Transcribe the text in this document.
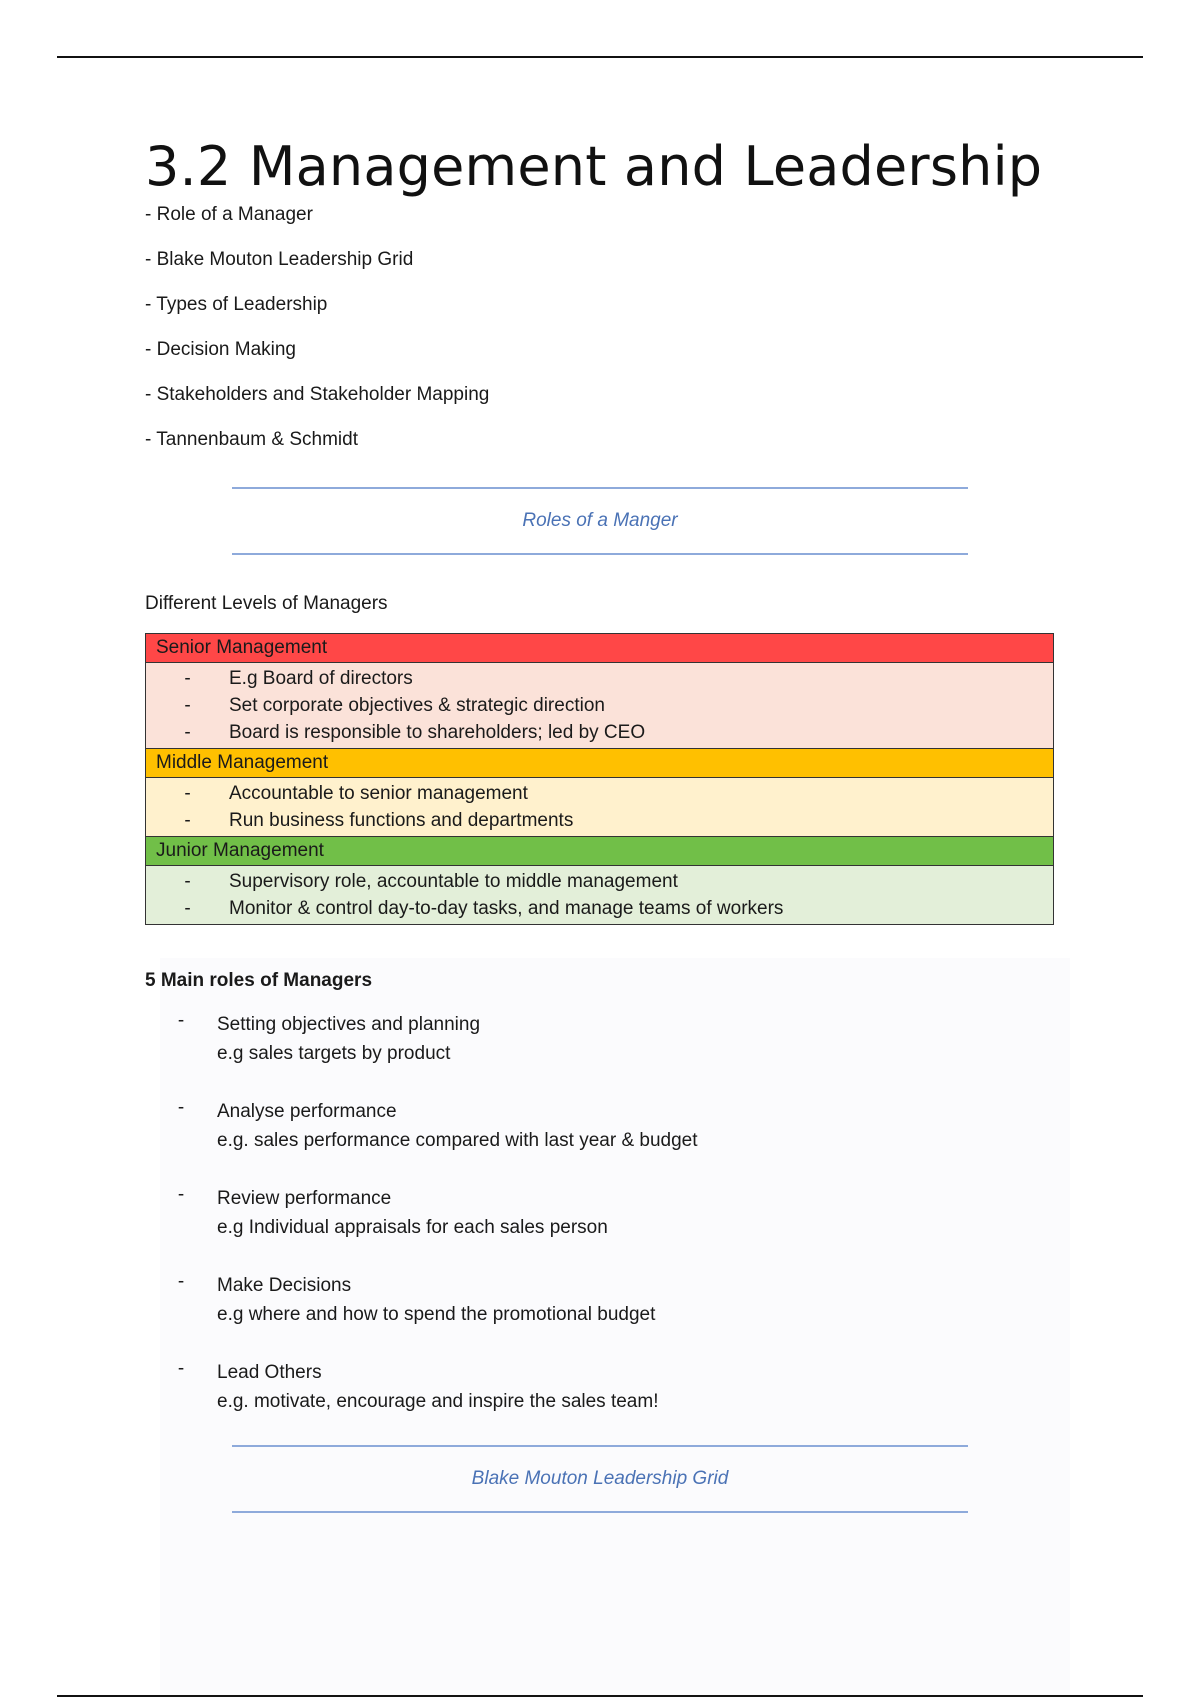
3.2 Management and Leadership
- Role of a Manager
- Blake Mouton Leadership Grid
- Types of Leadership
- Decision Making
- Stakeholders and Stakeholder Mapping
- Tannenbaum & Schmidt
Roles of a Manger
Different Levels of Managers
Senior Management

-	E.g Board of directors
-	Set corporate objectives & strategic direction
-	Board is responsible to shareholders; led by CEO

Middle Management

-	Accountable to senior management
-	Run business functions and departments

Junior Management

-	Supervisory role, accountable to middle management
-	Monitor & control day-to-day tasks, and manage teams of workers
5 Main roles of Managers
-	Setting objectives and planning
e.g sales targets by product
-	Analyse performance
e.g. sales performance compared with last year & budget
-	Review performance
e.g Individual appraisals for each sales person
-	Make Decisions
e.g where and how to spend the promotional budget
-	Lead Others
e.g. motivate, encourage and inspire the sales team!
Blake Mouton Leadership Grid
